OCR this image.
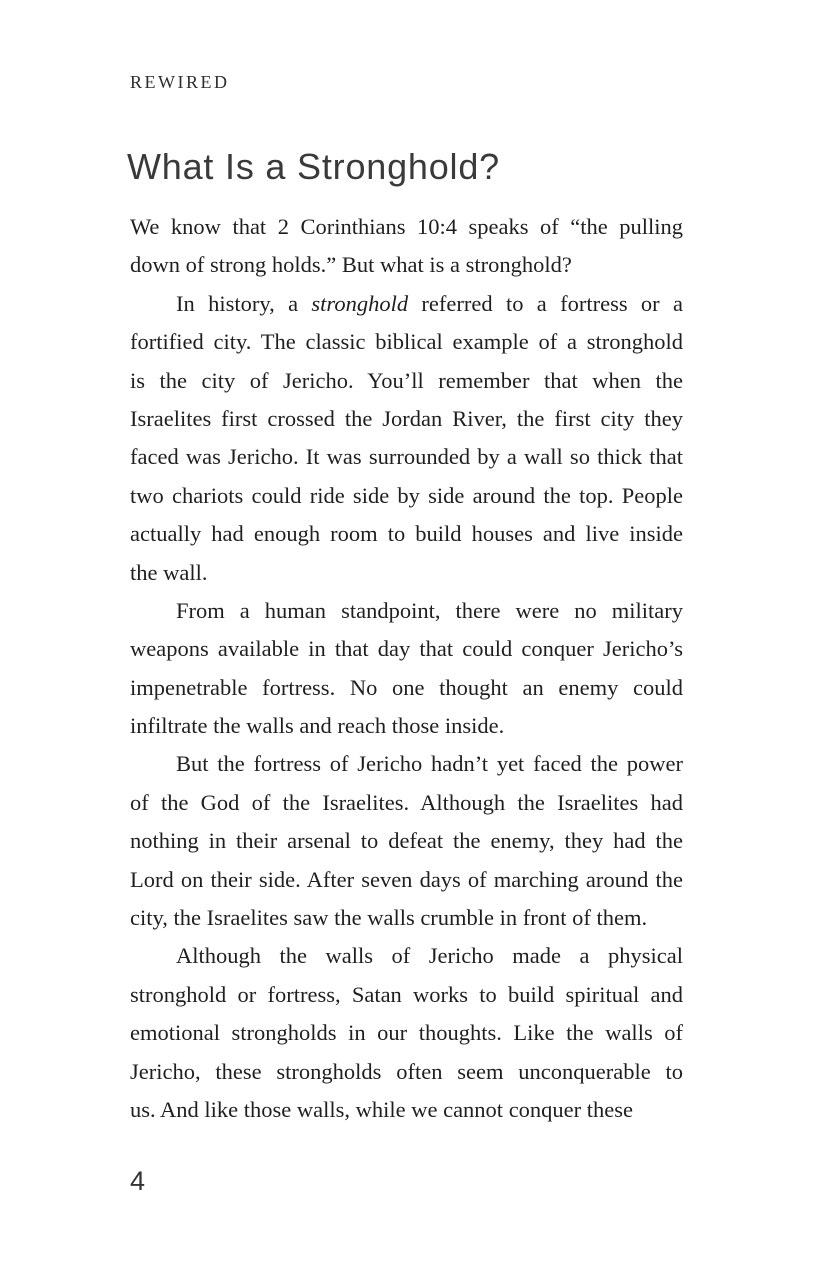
REWIRED
What Is a Stronghold?
We know that 2 Corinthians 10:4 speaks of “the pulling
down of strong holds.” But what is a stronghold?
In history, a stronghold referred to a fortress or a
fortified city. The classic biblical example of a stronghold
is the city of Jericho. You’ll remember that when the
Israelites first crossed the Jordan River, the first city they
faced was Jericho. It was surrounded by a wall so thick that
two chariots could ride side by side around the top. People
actually had enough room to build houses and live inside
the wall.
From a human standpoint, there were no military
weapons available in that day that could conquer Jericho’s
impenetrable fortress. No one thought an enemy could
infiltrate the walls and reach those inside.
But the fortress of Jericho hadn’t yet faced the power
of the God of the Israelites. Although the Israelites had
nothing in their arsenal to defeat the enemy, they had the
Lord on their side. After seven days of marching around the
city, the Israelites saw the walls crumble in front of them.
Although the walls of Jericho made a physical
stronghold or fortress, Satan works to build spiritual and
emotional strongholds in our thoughts. Like the walls of
Jericho, these strongholds often seem unconquerable to
us. And like those walls, while we cannot conquer these
4
